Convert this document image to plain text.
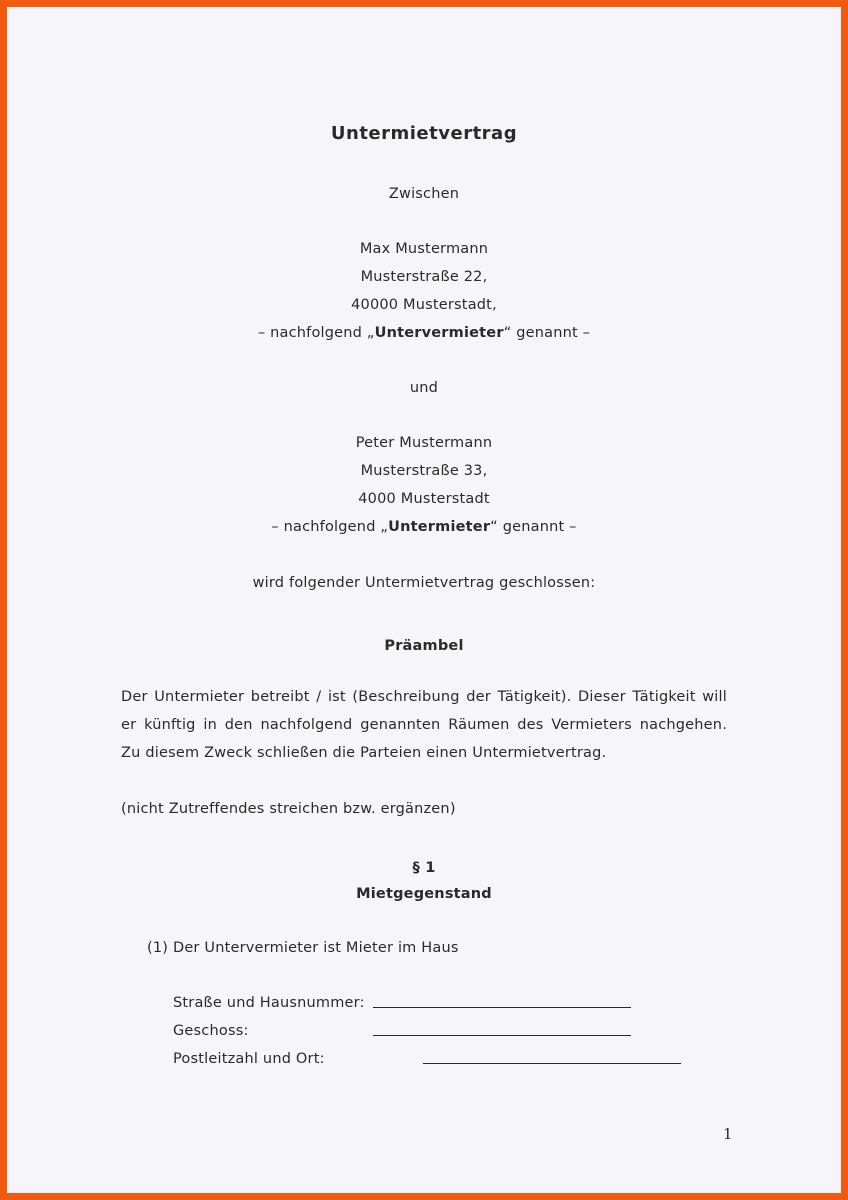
Untermietvertrag
Zwischen
Max Mustermann
Musterstraße 22,
40000 Musterstadt,
– nachfolgend „Untervermieter“ genannt –
und
Peter Mustermann
Musterstraße 33,
4000 Musterstadt
– nachfolgend „Untermieter“ genannt –
wird folgender Untermietvertrag geschlossen:
Präambel
Der Untermieter betreibt / ist (Beschreibung der Tätigkeit). Dieser Tätigkeit will
er künftig in den nachfolgend genannten Räumen des Vermieters nachgehen.
Zu diesem Zweck schließen die Parteien einen Untermietvertrag.
(nicht Zutreffendes streichen bzw. ergänzen)
§ 1
Mietgegenstand
(1) Der Untervermieter ist Mieter im Haus
Straße und Hausnummer:
Geschoss:
Postleitzahl und Ort:
1
